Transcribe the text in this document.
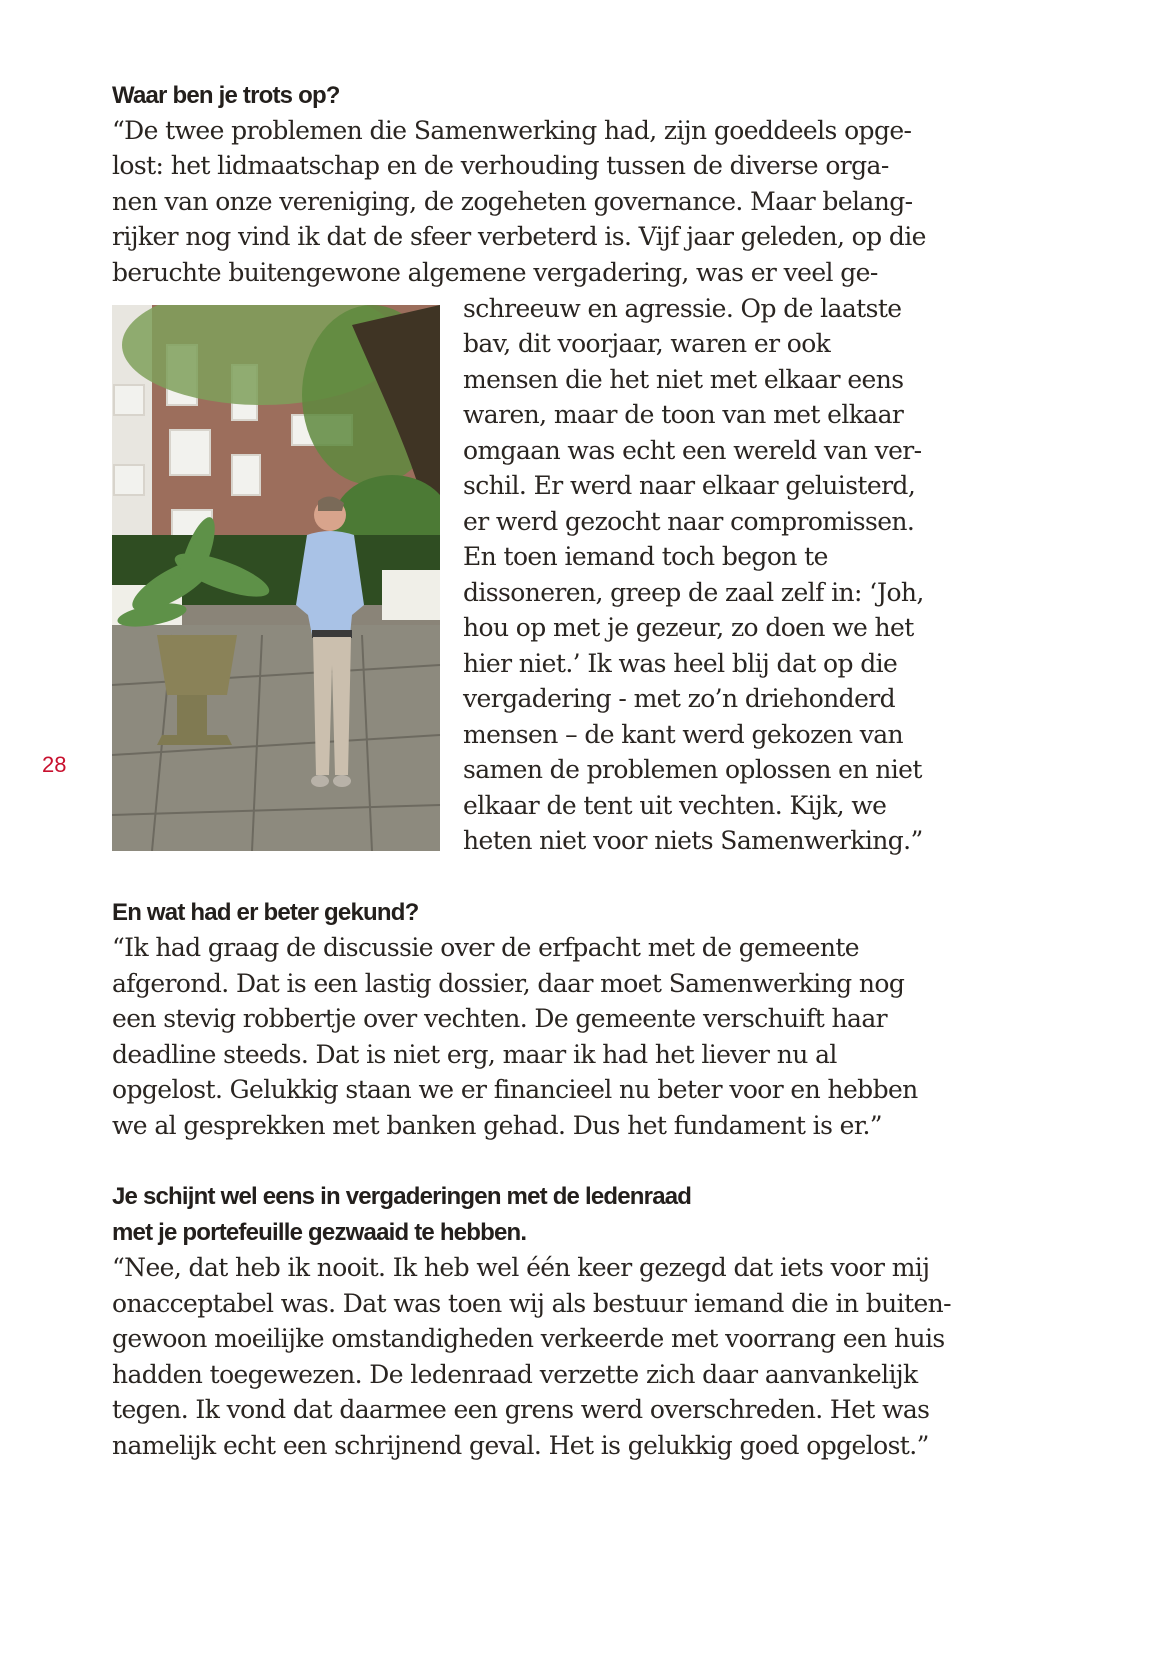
Waar ben je trots op?
“De twee problemen die Samenwerking had, zijn goeddeels opge-
lost: het lidmaatschap en de verhouding tussen de diverse orga-
nen van onze vereniging, de zogeheten governance. Maar belang-
rijker nog vind ik dat de sfeer verbeterd is. Vijf jaar geleden, op die
beruchte buitengewone algemene vergadering, was er veel ge-
28
schreeuw en agressie. Op de laatste
bav, dit voorjaar, waren er ook
mensen die het niet met elkaar eens
waren, maar de toon van met elkaar
omgaan was echt een wereld van ver-
schil. Er werd naar elkaar geluisterd,
er werd gezocht naar compromissen.
En toen iemand toch begon te
dissoneren, greep de zaal zelf in: ‘Joh,
hou op met je gezeur, zo doen we het
hier niet.’ Ik was heel blij dat op die
vergadering - met zo’n driehonderd
mensen – de kant werd gekozen van
samen de problemen oplossen en niet
elkaar de tent uit vechten. Kijk, we
heten niet voor niets Samenwerking.”
En wat had er beter gekund?
“Ik had graag de discussie over de erfpacht met de gemeente
afgerond. Dat is een lastig dossier, daar moet Samenwerking nog
een stevig robbertje over vechten. De gemeente verschuift haar
deadline steeds. Dat is niet erg, maar ik had het liever nu al
opgelost. Gelukkig staan we er financieel nu beter voor en hebben
we al gesprekken met banken gehad. Dus het fundament is er.”
Je schijnt wel eens in vergaderingen met de ledenraad
met je portefeuille gezwaaid te hebben.
“Nee, dat heb ik nooit. Ik heb wel één keer gezegd dat iets voor mij
onacceptabel was. Dat was toen wij als bestuur iemand die in buiten-
gewoon moeilijke omstandigheden verkeerde met voorrang een huis
hadden toegewezen. De ledenraad verzette zich daar aanvankelijk
tegen. Ik vond dat daarmee een grens werd overschreden. Het was
namelijk echt een schrijnend geval. Het is gelukkig goed opgelost.”
